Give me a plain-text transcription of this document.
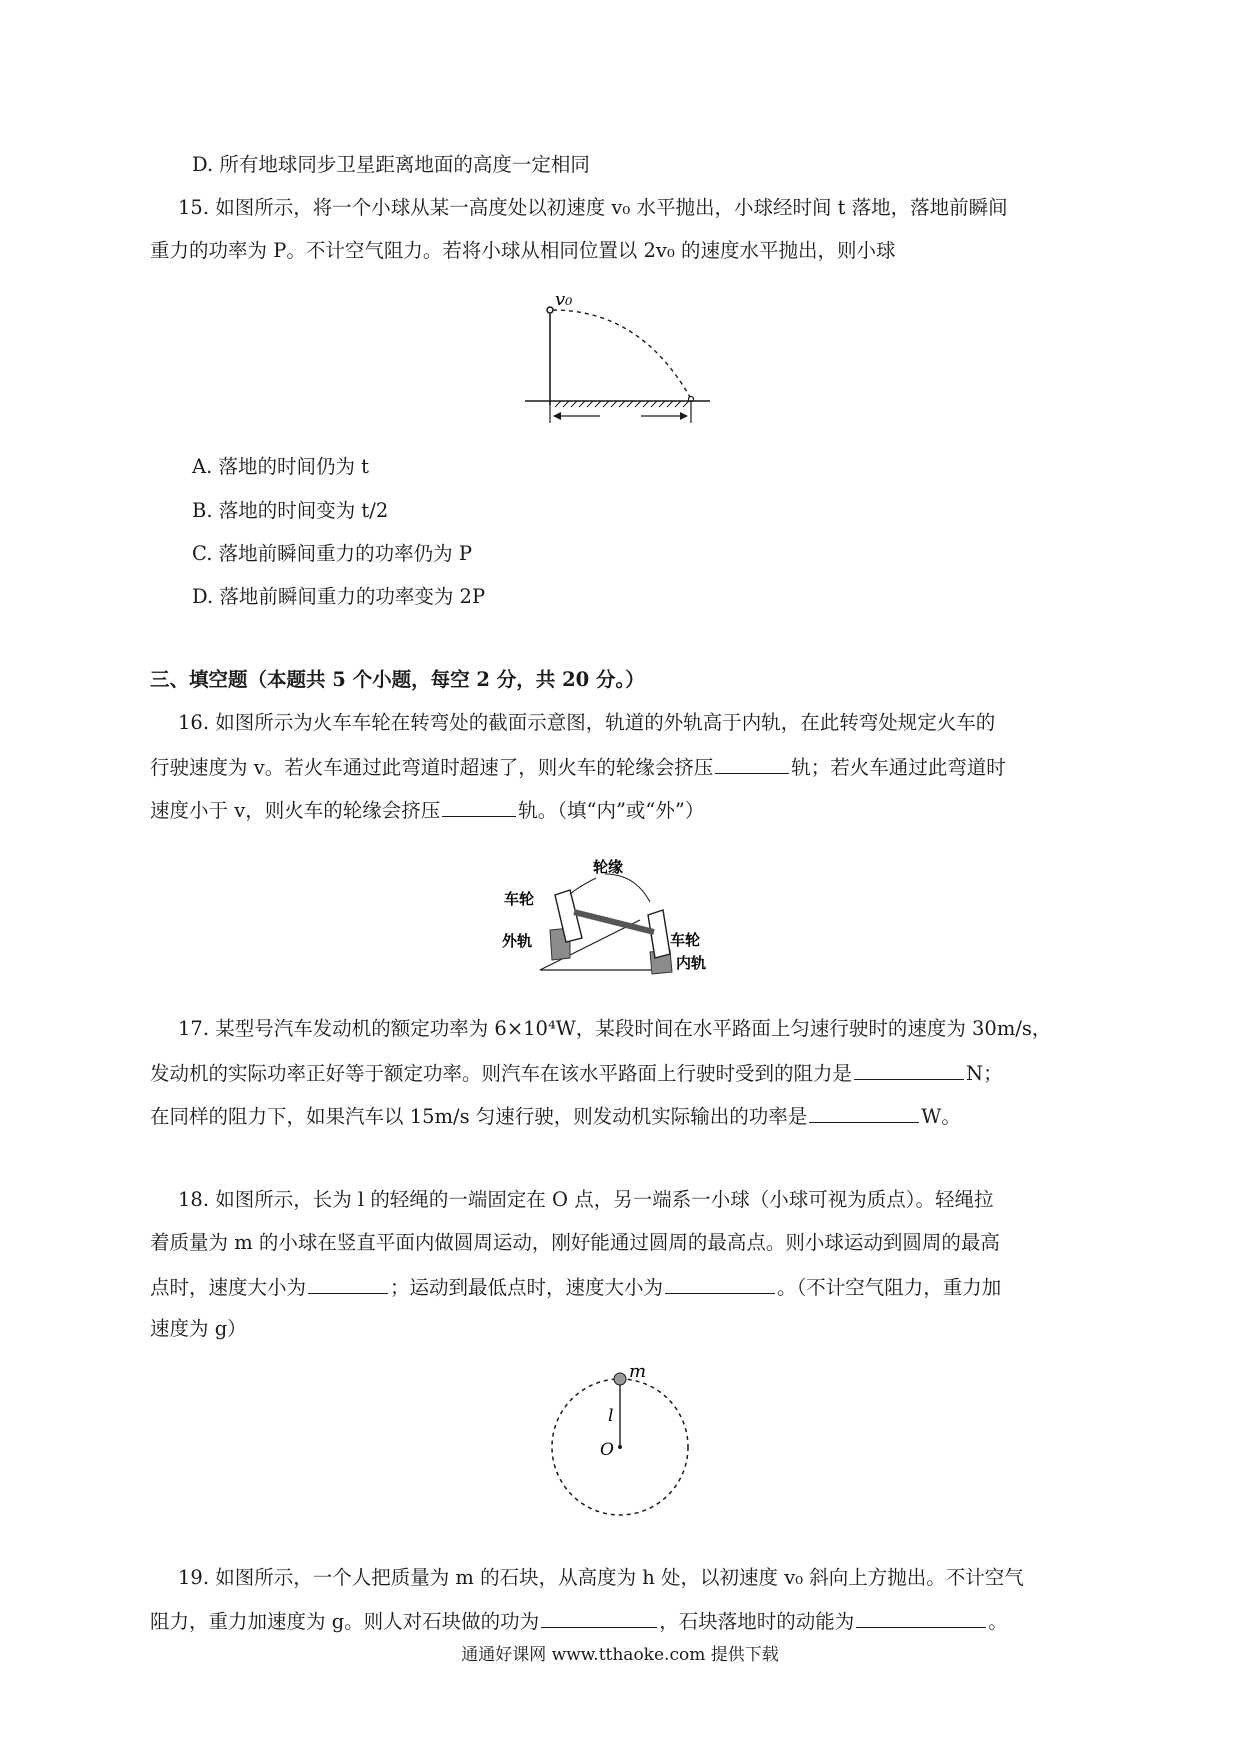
D. 所有地球同步卫星距离地面的高度一定相同
15. 如图所示，将一个小球从某一高度处以初速度 v₀ 水平抛出，小球经时间 t 落地，落地前瞬间
重力的功率为 P。不计空气阻力。若将小球从相同位置以 2v₀ 的速度水平抛出，则小球
v₀
A. 落地的时间仍为 t
B. 落地的时间变为 t/2
C. 落地前瞬间重力的功率仍为 P
D. 落地前瞬间重力的功率变为 2P
三、填空题（本题共 5 个小题，每空 2 分，共 20 分。）
16. 如图所示为火车车轮在转弯处的截面示意图，轨道的外轨高于内轨，在此转弯处规定火车的
行驶速度为 v。若火车通过此弯道时超速了，则火车的轮缘会挤压	轨；若火车通过此弯道时
速度小于 v，则火车的轮缘会挤压	轨。（填“内”或“外”）
车轮
轮缘
外轨	车轮
内轨
17. 某型号汽车发动机的额定功率为 6×10⁴W，某段时间在水平路面上匀速行驶时的速度为 30m/s，
发动机的实际功率正好等于额定功率。则汽车在该水平路面上行驶时受到的阻力是	N；
在同样的阻力下，如果汽车以 15m/s 匀速行驶，则发动机实际输出的功率是	W。
18. 如图所示，长为 l 的轻绳的一端固定在 O 点，另一端系一小球（小球可视为质点）。轻绳拉
着质量为 m 的小球在竖直平面内做圆周运动，刚好能通过圆周的最高点。则小球运动到圆周的最高
点时，速度大小为	；运动到最低点时，速度大小为	。（不计空气阻力，重力加
速度为 g）
m
l
O
19. 如图所示，一个人把质量为 m 的石块，从高度为 h 处，以初速度 v₀ 斜向上方抛出。不计空气
阻力，重力加速度为 g。则人对石块做的功为	，石块落地时的动能为	。
通通好课网 www.tthaoke.com 提供下载
